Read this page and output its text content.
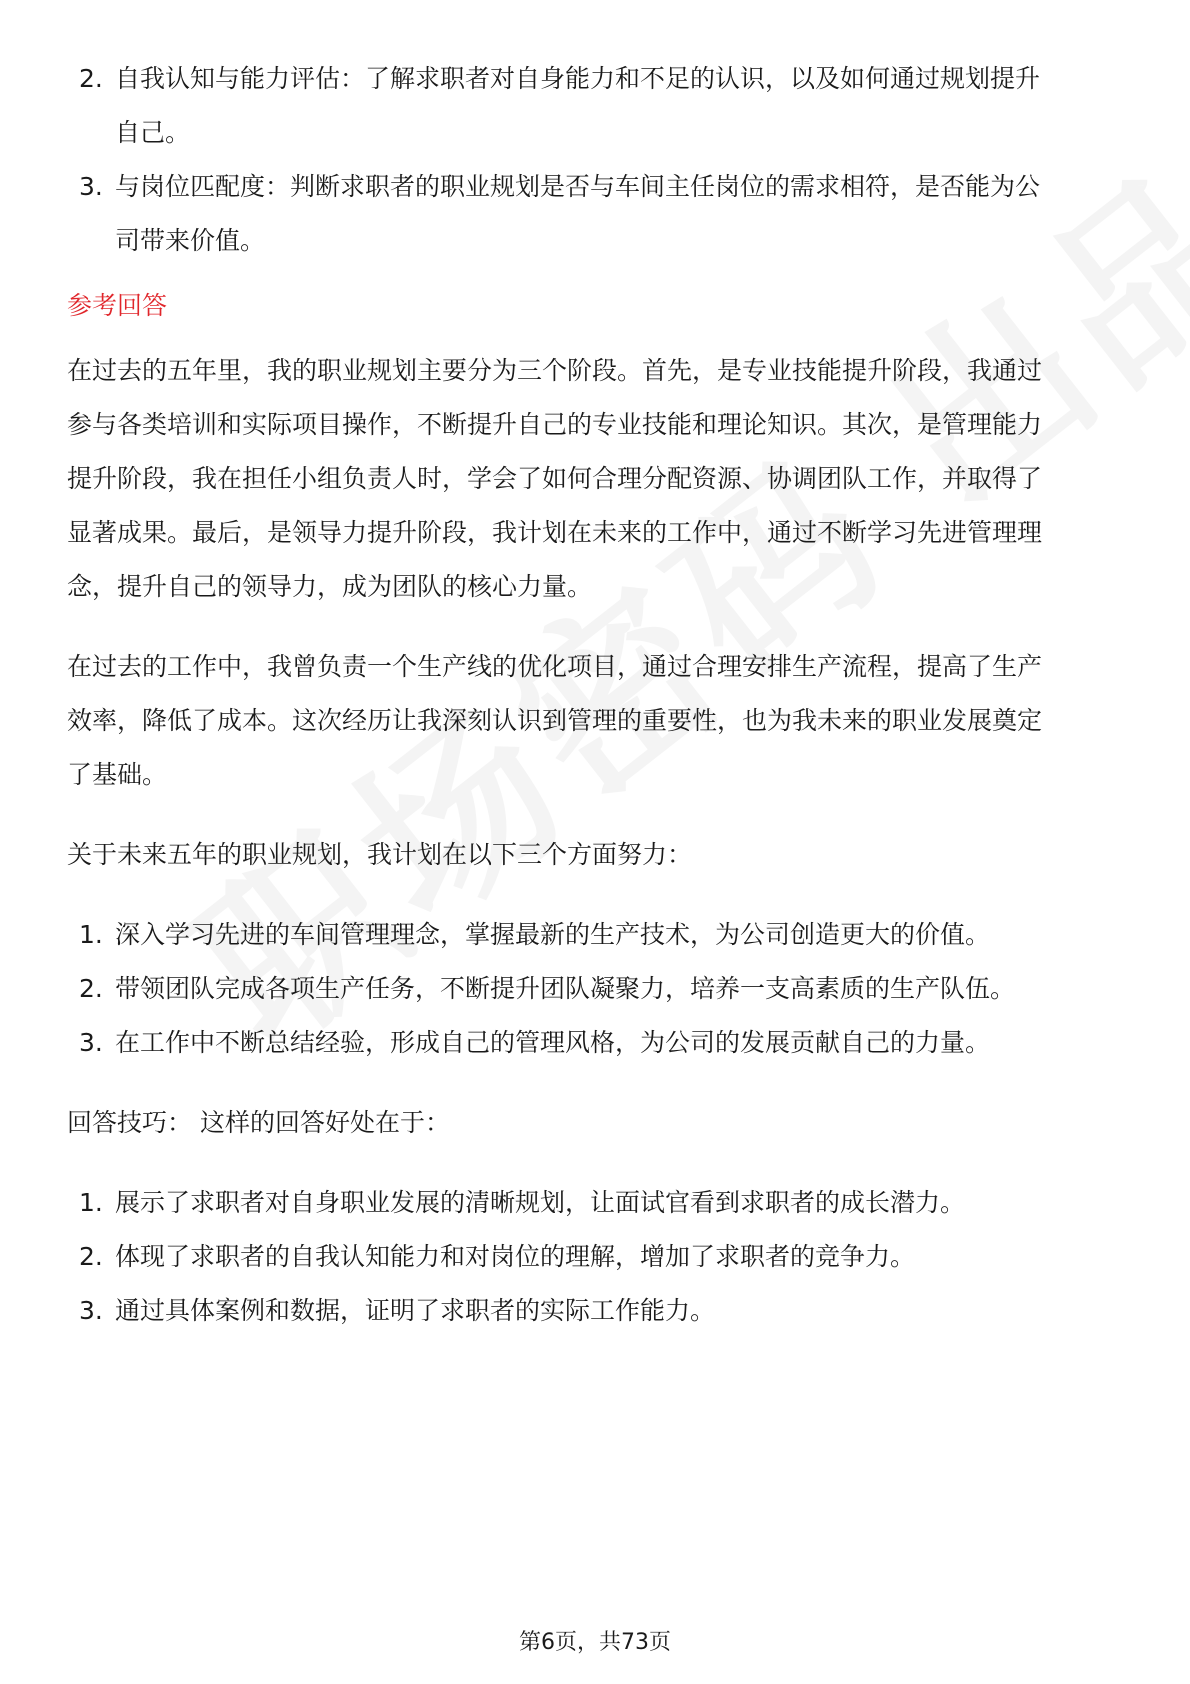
2. 自我认知与能力评估：了解求职者对自身能力和不足的认识，以及如何通过规划提升自己。
3. 与岗位匹配度：判断求职者的职业规划是否与车间主任岗位的需求相符，是否能为公司带来价值。
参考回答

在过去的五年里，我的职业规划主要分为三个阶段。首先，是专业技能提升阶段，我通过参与各类培训和实际项目操作，不断提升自己的专业技能和理论知识。其次，是管理能力提升阶段，我在担任小组负责人时，学会了如何合理分配资源、协调团队工作，并取得了显著成果。最后，是领导力提升阶段，我计划在未来的工作中，通过不断学习先进管理理念，提升自己的领导力，成为团队的核心力量。

在过去的工作中，我曾负责一个生产线的优化项目，通过合理安排生产流程，提高了生产效率，降低了成本。这次经历让我深刻认识到管理的重要性，也为我未来的职业发展奠定了基础。

关于未来五年的职业规划，我计划在以下三个方面努力：

1. 深入学习先进的车间管理理念，掌握最新的生产技术，为公司创造更大的价值。
2. 带领团队完成各项生产任务，不断提升团队凝聚力，培养一支高素质的生产队伍。
3. 在工作中不断总结经验，形成自己的管理风格，为公司的发展贡献自己的力量。

回答技巧： 这样的回答好处在于：

1. 展示了求职者对自身职业发展的清晰规划，让面试官看到求职者的成长潜力。
2. 体现了求职者的自我认知能力和对岗位的理解，增加了求职者的竞争力。
3. 通过具体案例和数据，证明了求职者的实际工作能力。
第6页，共73页
